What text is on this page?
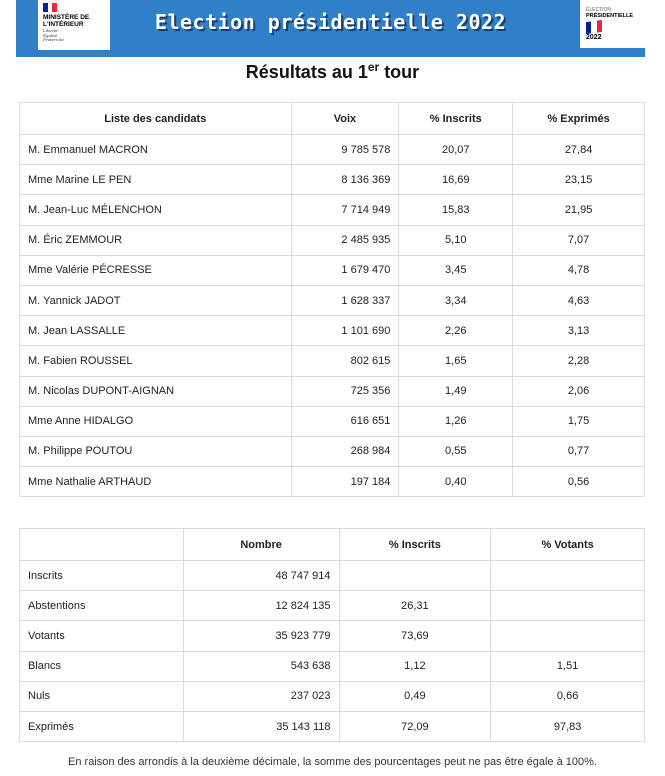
MINISTÈRE DE L'INTÉRIEUR
Liberté
Égalité
Fraternité
Election présidentielle 2022	ÉLECTION
PRÉSIDENTIELLE
2022
Résultats au 1er tour
Liste des candidats	Voix	% Inscrits	% Exprimés
M. Emmanuel MACRON	9 785 578	20,07	27,84
Mme Marine LE PEN	8 136 369	16,69	23,15
M. Jean-Luc MÉLENCHON	7 714 949	15,83	21,95
M. Éric ZEMMOUR	2 485 935	5,10	7,07
Mme Valérie PÉCRESSE	1 679 470	3,45	4,78
M. Yannick JADOT	1 628 337	3,34	4,63
M. Jean LASSALLE	1 101 690	2,26	3,13
M. Fabien ROUSSEL	802 615	1,65	2,28
M. Nicolas DUPONT-AIGNAN	725 356	1,49	2,06
Mme Anne HIDALGO	616 651	1,26	1,75
M. Philippe POUTOU	268 984	0,55	0,77
Mme Nathalie ARTHAUD	197 184	0,40	0,56
	Nombre	% Inscrits	% Votants
Inscrits	48 747 914		
Abstentions	12 824 135	26,31	
Votants	35 923 779	73,69	
Blancs	543 638	1,12	1,51
Nuls	237 023	0,49	0,66
Exprimés	35 143 118	72,09	97,83
En raison des arrondis à la deuxième décimale, la somme des pourcentages peut ne pas être égale à 100%.
